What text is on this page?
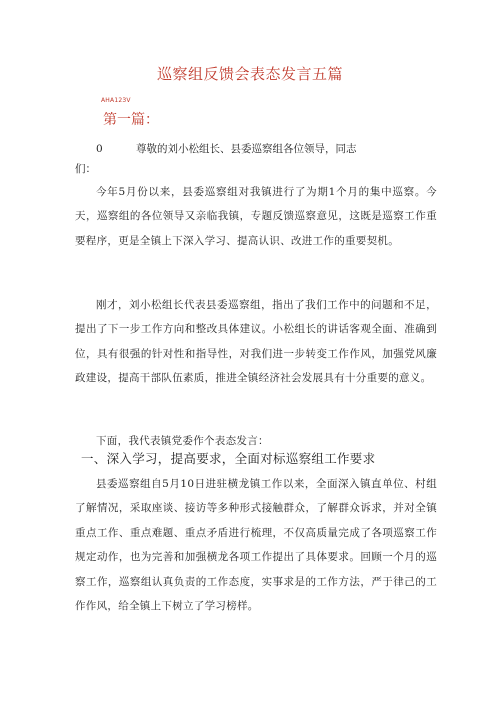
巡察组反馈会表态发言五篇
AHA123V
第一篇：
0	尊敬的刘小松组长、县委巡察组各位领导，同志
们：

今年5月份以来，县委巡察组对我镇进行了为期1个月的集中巡察。今天，巡察组的各位领导又亲临我镇，专题反馈巡察意见，这既是巡察工作重要程序，更是全镇上下深入学习、提高认识、改进工作的重要契机。

刚才，刘小松组长代表县委巡察组，指出了我们工作中的问题和不足，提出了下一步工作方向和整改具体建议。小松组长的讲话客观全面、准确到位，具有很强的针对性和指导性，对我们进一步转变工作作风，加强党风廉政建设，提高干部队伍素质，推进全镇经济社会发展具有十分重要的意义。

下面，我代表镇党委作个表态发言：

一、深入学习，提高要求，全面对标巡察组工作要求

县委巡察组自5月10日进驻横龙镇工作以来，全面深入镇直单位、村组了解情况，采取座谈、接访等多种形式接触群众，了解群众诉求，并对全镇重点工作、重点难题、重点矛盾进行梳理，不仅高质量完成了各项巡察工作规定动作，也为完善和加强横龙各项工作提出了具体要求。回顾一个月的巡察工作，巡察组认真负责的工作态度，实事求是的工作方法，严于律己的工作作风，给全镇上下树立了学习榜样。
